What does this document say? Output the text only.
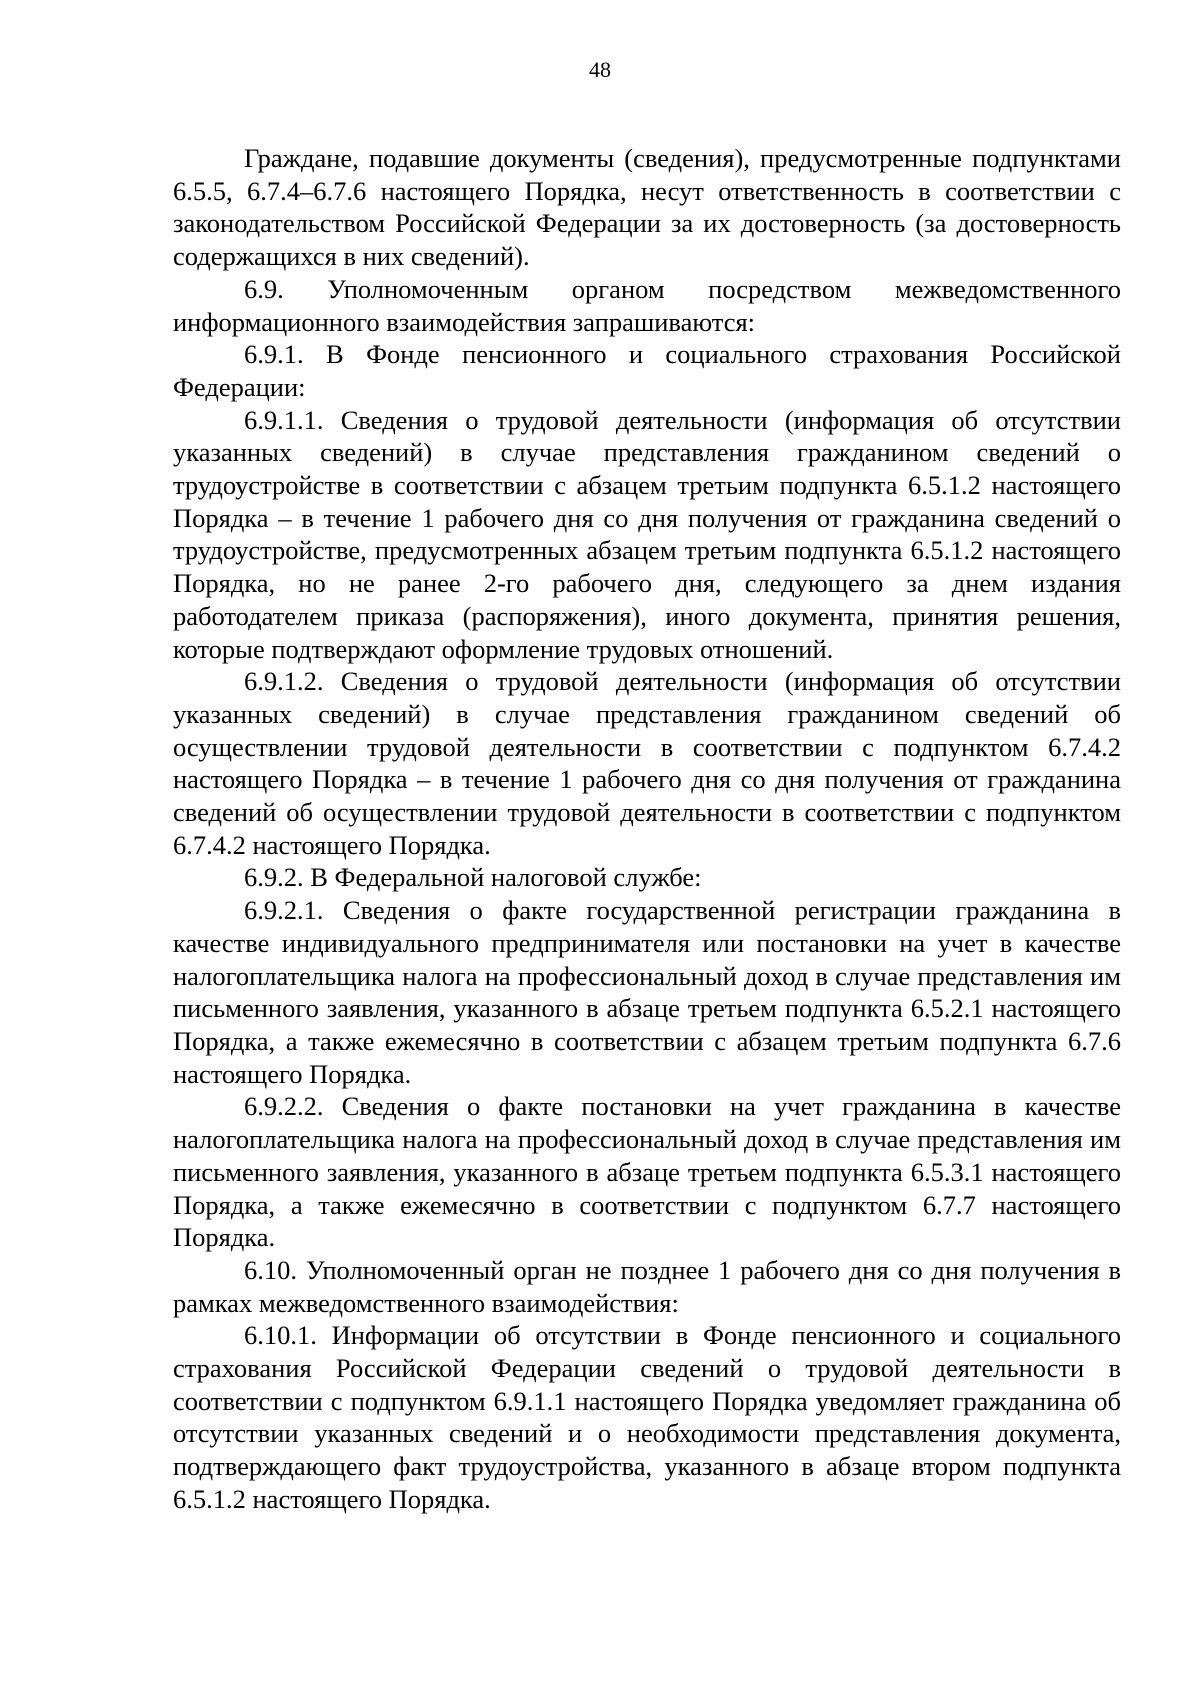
48

Граждане, подавшие документы (сведения), предусмотренные подпунктами 6.5.5, 6.7.4–6.7.6 настоящего Порядка, несут ответственность в соответствии с законодательством Российской Федерации за их достоверность (за достоверность содержащихся в них сведений).

6.9. Уполномоченным органом посредством межведомственного информационного взаимодействия запрашиваются:

6.9.1. В Фонде пенсионного и социального страхования Российской Федерации:

6.9.1.1. Сведения о трудовой деятельности (информация об отсутствии указанных сведений) в случае представления гражданином сведений о трудоустройстве в соответствии с абзацем третьим подпункта 6.5.1.2 настоящего Порядка – в течение 1 рабочего дня со дня получения от гражданина сведений о трудоустройстве, предусмотренных абзацем третьим подпункта 6.5.1.2 настоящего Порядка, но не ранее 2-го рабочего дня, следующего за днем издания работодателем приказа (распоряжения), иного документа, принятия решения, которые подтверждают оформление трудовых отношений.

6.9.1.2. Сведения о трудовой деятельности (информация об отсутствии указанных сведений) в случае представления гражданином сведений об осуществлении трудовой деятельности в соответствии с подпунктом 6.7.4.2 настоящего Порядка – в течение 1 рабочего дня со дня получения от гражданина сведений об осуществлении трудовой деятельности в соответствии с подпунктом 6.7.4.2 настоящего Порядка.

6.9.2. В Федеральной налоговой службе:

6.9.2.1. Сведения о факте государственной регистрации гражданина в качестве индивидуального предпринимателя или постановки на учет в качестве налогоплательщика налога на профессиональный доход в случае представления им письменного заявления, указанного в абзаце третьем подпункта 6.5.2.1 настоящего Порядка, а также ежемесячно в соответствии с абзацем третьим подпункта 6.7.6 настоящего Порядка.

6.9.2.2. Сведения о факте постановки на учет гражданина в качестве налогоплательщика налога на профессиональный доход в случае представления им письменного заявления, указанного в абзаце третьем подпункта 6.5.3.1 настоящего Порядка, а также ежемесячно в соответствии с подпунктом 6.7.7 настоящего Порядка.

6.10. Уполномоченный орган не позднее 1 рабочего дня со дня получения в рамках межведомственного взаимодействия:

6.10.1. Информации об отсутствии в Фонде пенсионного и социального страхования Российской Федерации сведений о трудовой деятельности в соответствии с подпунктом 6.9.1.1 настоящего Порядка уведомляет гражданина об отсутствии указанных сведений и о необходимости представления документа, подтверждающего факт трудоустройства, указанного в абзаце втором подпункта 6.5.1.2 настоящего Порядка.
